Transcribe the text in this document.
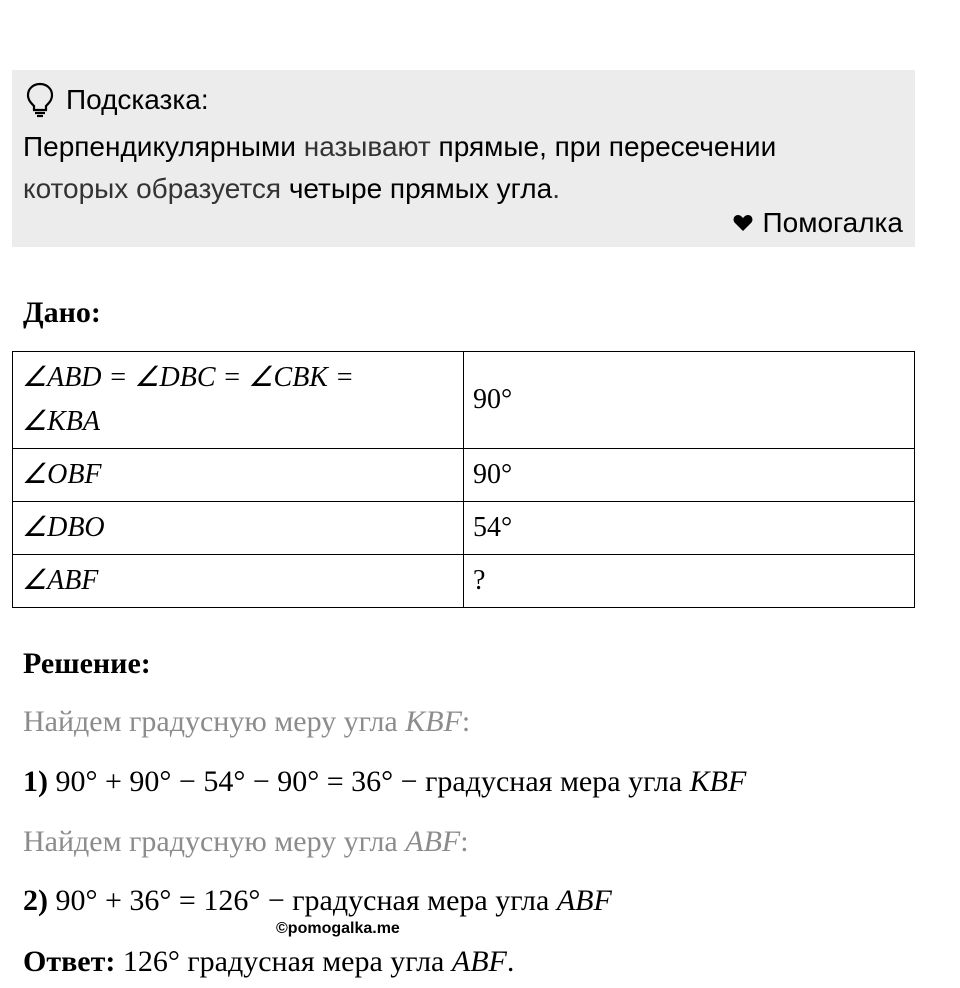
Подсказка:
Перпендикулярными называют прямые, при пересечении
которых образуется четыре прямых угла.
Помогалка
Дано:
∠ABD = ∠DBC = ∠CBK =
∠KBA	90°
∠OBF	90°
∠DBO	54°
∠ABF	?
Решение:
Найдем градусную меру угла KBF:
1) 90° + 90° − 54° − 90° = 36° − градусная мера угла KBF
Найдем градусную меру угла ABF:
2) 90° + 36° = 126° − градусная мера угла ABF
©pomogalka.me
Ответ: 126° градусная мера угла ABF.
